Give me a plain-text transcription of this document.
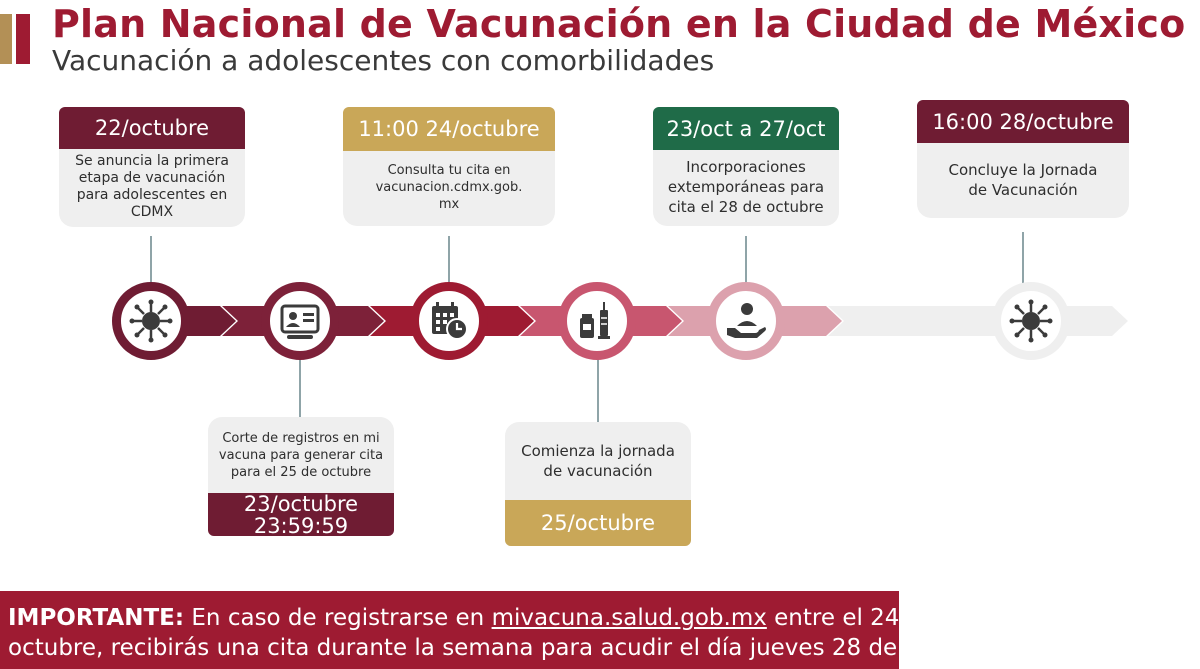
Plan Nacional de Vacunación en la Ciudad de México
Vacunación a adolescentes con comorbilidades
22/octubre
Se anuncia la primera etapa de vacunación para adolescentes en CDMX
Corte de registros en mi vacuna para generar cita para el 25 de octubre
23/octubre
23:59:59
11:00 24/octubre
Consulta tu cita en
vacunacion.cdmx.gob.
mx
Comienza la jornada de vacunación
25/octubre
23/oct a 27/oct
Incorporaciones extemporáneas para cita el 28 de octubre
16:00 28/octubre
Concluye la Jornada de Vacunación
IMPORTANTE: En caso de registrarse en mivacuna.salud.gob.mx entre el 24 y 27 de
octubre, recibirás una cita durante la semana para acudir el día jueves 28 de octubre
